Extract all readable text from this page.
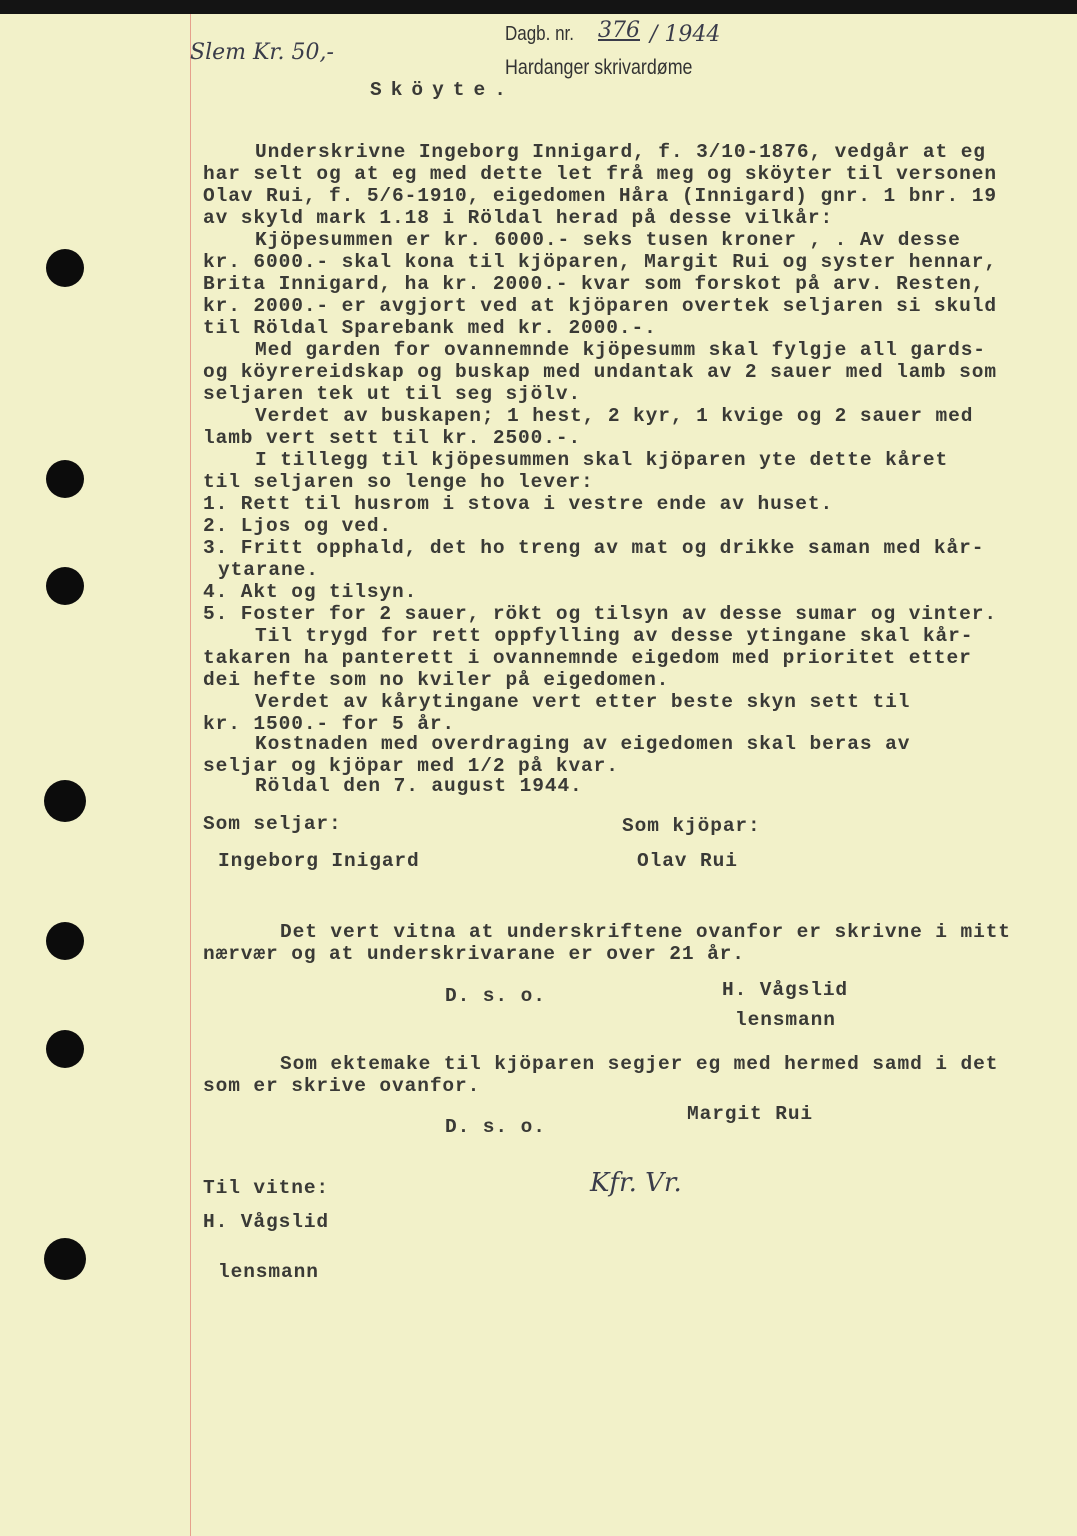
Slem Kr. 50,-
Dagb. nr. 376 / 1944
Hardanger skrivardøme
Sköyte.
Underskrivne Ingeborg Innigard, f. 3/10-1876, vedgår at eg
har selt og at eg med dette let frå meg og sköyter til versonen
Olav Rui, f. 5/6-1910, eigedomen Håra (Innigard) gnr. 1 bnr. 19
av skyld mark 1.18 i Röldal herad på desse vilkår:
Kjöpesummen er kr. 6000.- seks tusen kroner , . Av desse
kr. 6000.- skal kona til kjöparen, Margit Rui og syster hennar,
Brita Innigard, ha kr. 2000.- kvar som forskot på arv. Resten,
kr. 2000.- er avgjort ved at kjöparen overtek seljaren si skuld
til Röldal Sparebank med kr. 2000.-.
Med garden for ovannemnde kjöpesumm skal fylgje all gards-
og köyrereidskap og buskap med undantak av 2 sauer med lamb som
seljaren tek ut til seg sjölv.
Verdet av buskapen; 1 hest, 2 kyr, 1 kvige og 2 sauer med
lamb vert sett til kr. 2500.-.
I tillegg til kjöpesummen skal kjöparen yte dette kåret
til seljaren so lenge ho lever:
1. Rett til husrom i stova i vestre ende av huset.
2. Ljos og ved.
3. Fritt opphald, det ho treng av mat og drikke saman med kår-
ytarane.
4. Akt og tilsyn.
5. Foster for 2 sauer, rökt og tilsyn av desse sumar og vinter.
Til trygd for rett oppfylling av desse ytingane skal kår-
takaren ha panterett i ovannemnde eigedom med prioritet etter
dei hefte som no kviler på eigedomen.
Verdet av kårytingane vert etter beste skyn sett til
kr. 1500.- for 5 år.
Kostnaden med overdraging av eigedomen skal beras av
seljar og kjöpar med 1/2 på kvar.
Röldal den 7. august 1944.
Som seljar:	Som kjöpar:
Ingeborg Inigard	Olav Rui
Det vert vitna at underskriftene ovanfor er skrivne i mitt
nærvær og at underskrivarane er over 21 år.
D. s. o.	H. Vågslid
lensmann
Som ektemake til kjöparen segjer eg med hermed samd i det
som er skrive ovanfor.
Margit Rui
D. s. o.
Til vitne:	Kfr. Vr.
H. Vågslid
lensmann
